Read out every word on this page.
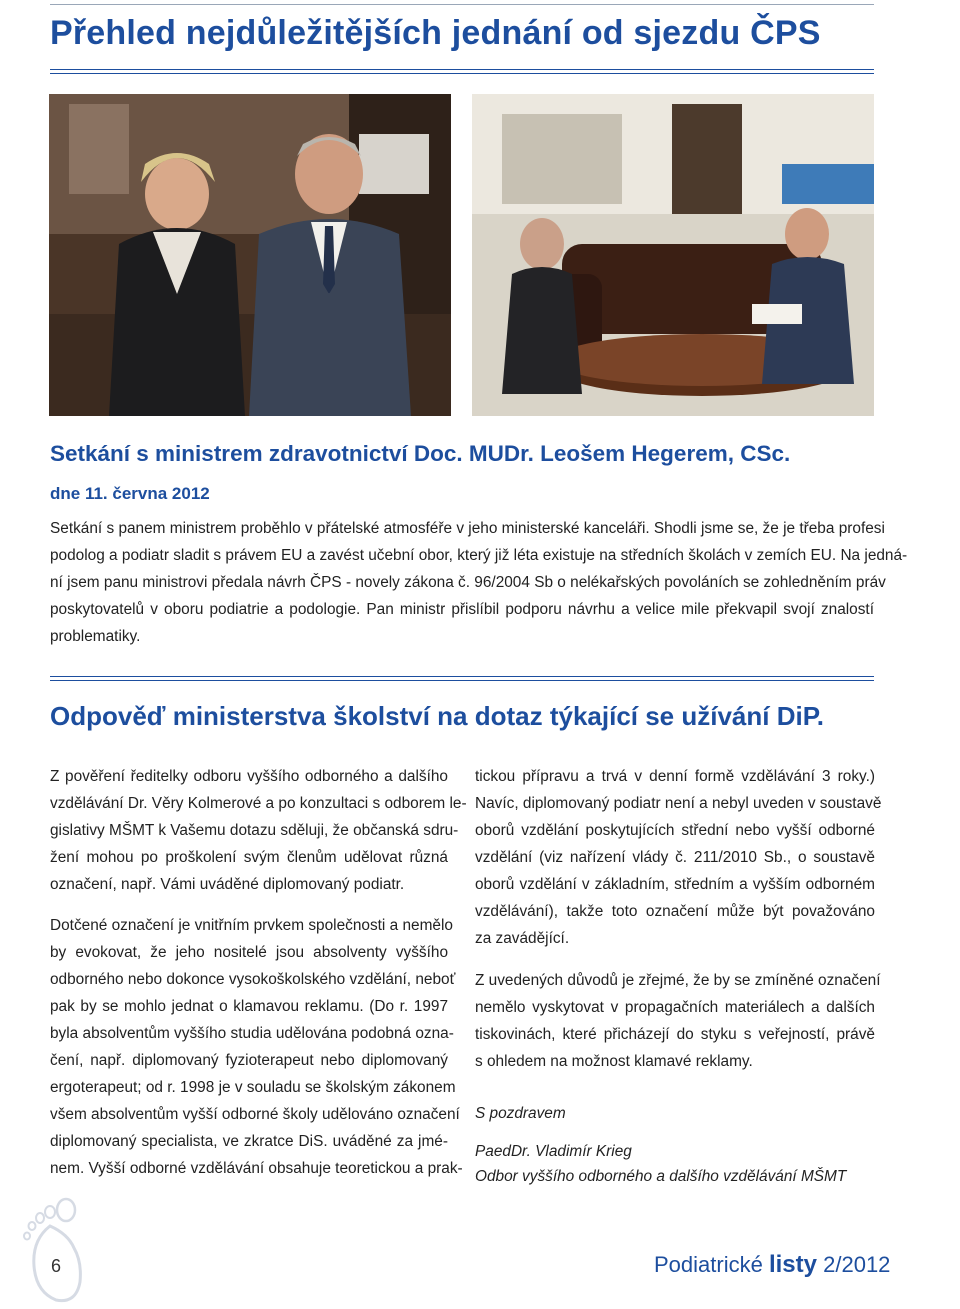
Přehled nejdůležitějších jednání od sjezdu ČPS
Setkání s ministrem zdravotnictví Doc. MUDr. Leošem Hegerem, CSc.
dne 11. června 2012
Setkání s panem ministrem proběhlo v přátelské atmosféře v jeho ministerské kanceláři. Shodli jsme se, že je třeba profesi
podolog a podiatr sladit s právem EU a zavést učební obor, který již léta existuje na středních školách v zemích EU. Na jedná-
ní jsem panu ministrovi předala návrh ČPS - novely zákona č. 96/2004 Sb o nelékařských povoláních se zohledněním práv
poskytovatelů v oboru podiatrie a podologie. Pan ministr přislíbil podporu návrhu a velice mile překvapil svojí znalostí
problematiky.
Odpověď ministerstva školství na dotaz týkající se užívání DiP.
Z pověření ředitelky odboru vyššího odborného a dalšího
vzdělávání Dr. Věry Kolmerové a po konzultaci s odborem le-
gislativy MŠMT k Vašemu dotazu sděluji, že občanská sdru-
žení mohou po proškolení svým členům udělovat různá
označení, např. Vámi uváděné diplomovaný podiatr.
Dotčené označení je vnitřním prvkem společnosti a nemělo
by evokovat, že jeho nositelé jsou absolventy vyššího
odborného nebo dokonce vysokoškolského vzdělání, neboť
pak by se mohlo jednat o klamavou reklamu. (Do r. 1997
byla absolventům vyššího studia udělována podobná ozna-
čení, např. diplomovaný fyzioterapeut nebo diplomovaný
ergoterapeut; od r. 1998 je v souladu se školským zákonem
všem absolventům vyšší odborné školy udělováno označení
diplomovaný specialista, ve zkratce DiS. uváděné za jmé-
nem. Vyšší odborné vzdělávání obsahuje teoretickou a prak-
tickou přípravu a trvá v denní formě vzdělávání 3 roky.)
Navíc, diplomovaný podiatr není a nebyl uveden v soustavě
oborů vzdělání poskytujících střední nebo vyšší odborné
vzdělání (viz nařízení vlády č. 211/2010 Sb., o soustavě
oborů vzdělání v základním, středním a vyšším odborném
vzdělávání), takže toto označení může být považováno
za zavádějící.
Z uvedených důvodů je zřejmé, že by se zmíněné označení
nemělo vyskytovat v propagačních materiálech a dalších
tiskovinách, které přicházejí do styku s veřejností, právě
s ohledem na možnost klamavé reklamy.
S pozdravem
PaedDr. Vladimír Krieg
Odbor vyššího odborného a dalšího vzdělávání MŠMT
6	Podiatrické listy 2/2012
